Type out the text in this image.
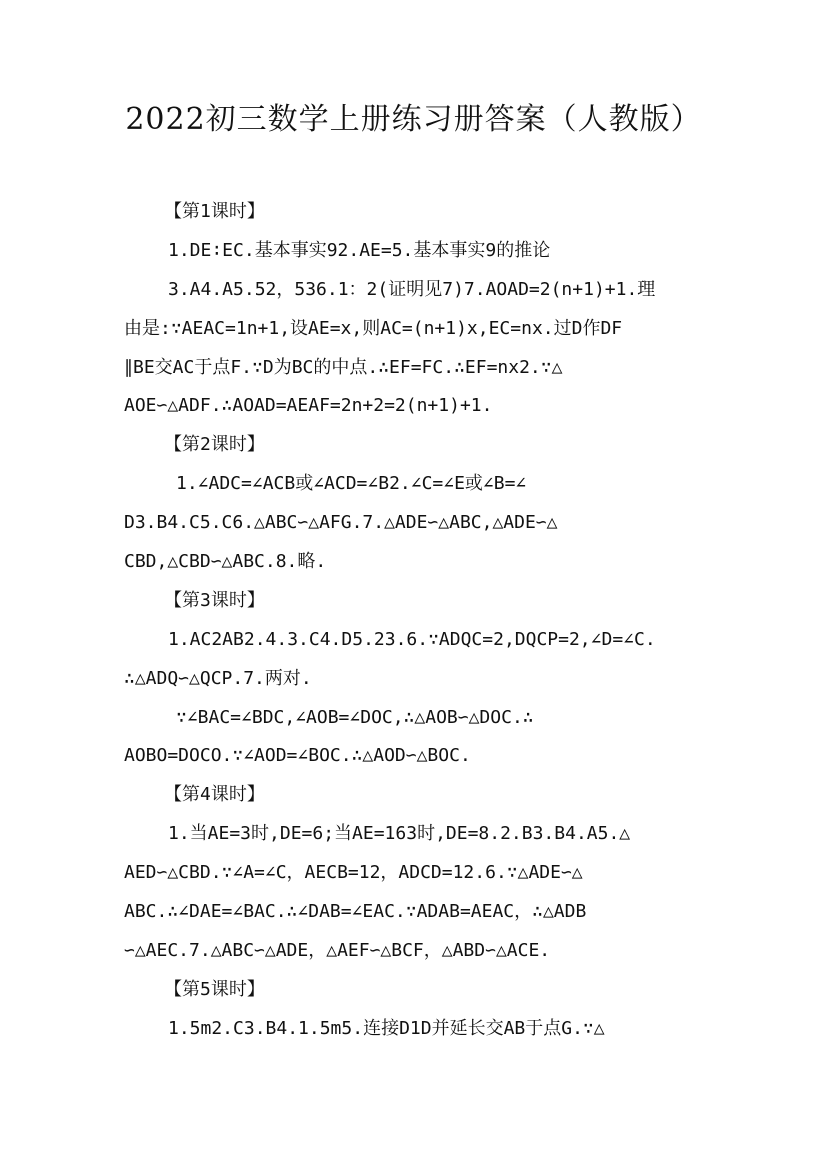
2022初三数学上册练习册答案（人教版）
【第1课时】
1.DE∶EC.基本事实92.AE=5.基本事实9的推论
3.A4.A5.52，536.1：2(证明见7)7.AOAD=2(n+1)+1.理
由是:∵AEAC=1n+1,设AE=x,则AC=(n+1)x,EC=nx.过D作DF
∥BE交AC于点F.∵D为BC的中点.∴EF=FC.∴EF=nx2.∵△
AOE∽△ADF.∴AOAD=AEAF=2n+2=2(n+1)+1.
【第2课时】
1.∠ADC=∠ACB或∠ACD=∠B2.∠C=∠E或∠B=∠
D3.B4.C5.C6.△ABC∽△AFG.7.△ADE∽△ABC,△ADE∽△
CBD,△CBD∽△ABC.8.略.
【第3课时】
1.AC2AB2.4.3.C4.D5.23.6.∵ADQC=2,DQCP=2,∠D=∠C.
∴△ADQ∽△QCP.7.两对.
∵∠BAC=∠BDC,∠AOB=∠DOC,∴△AOB∽△DOC.∴
AOBO=DOCO.∵∠AOD=∠BOC.∴△AOD∽△BOC.
【第4课时】
1.当AE=3时,DE=6;当AE=163时,DE=8.2.B3.B4.A5.△
AED∽△CBD.∵∠A=∠C，AECB=12，ADCD=12.6.∵△ADE∽△
ABC.∴∠DAE=∠BAC.∴∠DAB=∠EAC.∵ADAB=AEAC，∴△ADB
∽△AEC.7.△ABC∽△ADE，△AEF∽△BCF，△ABD∽△ACE.
【第5课时】
1.5m2.C3.B4.1.5m5.连接D1D并延长交AB于点G.∵△
